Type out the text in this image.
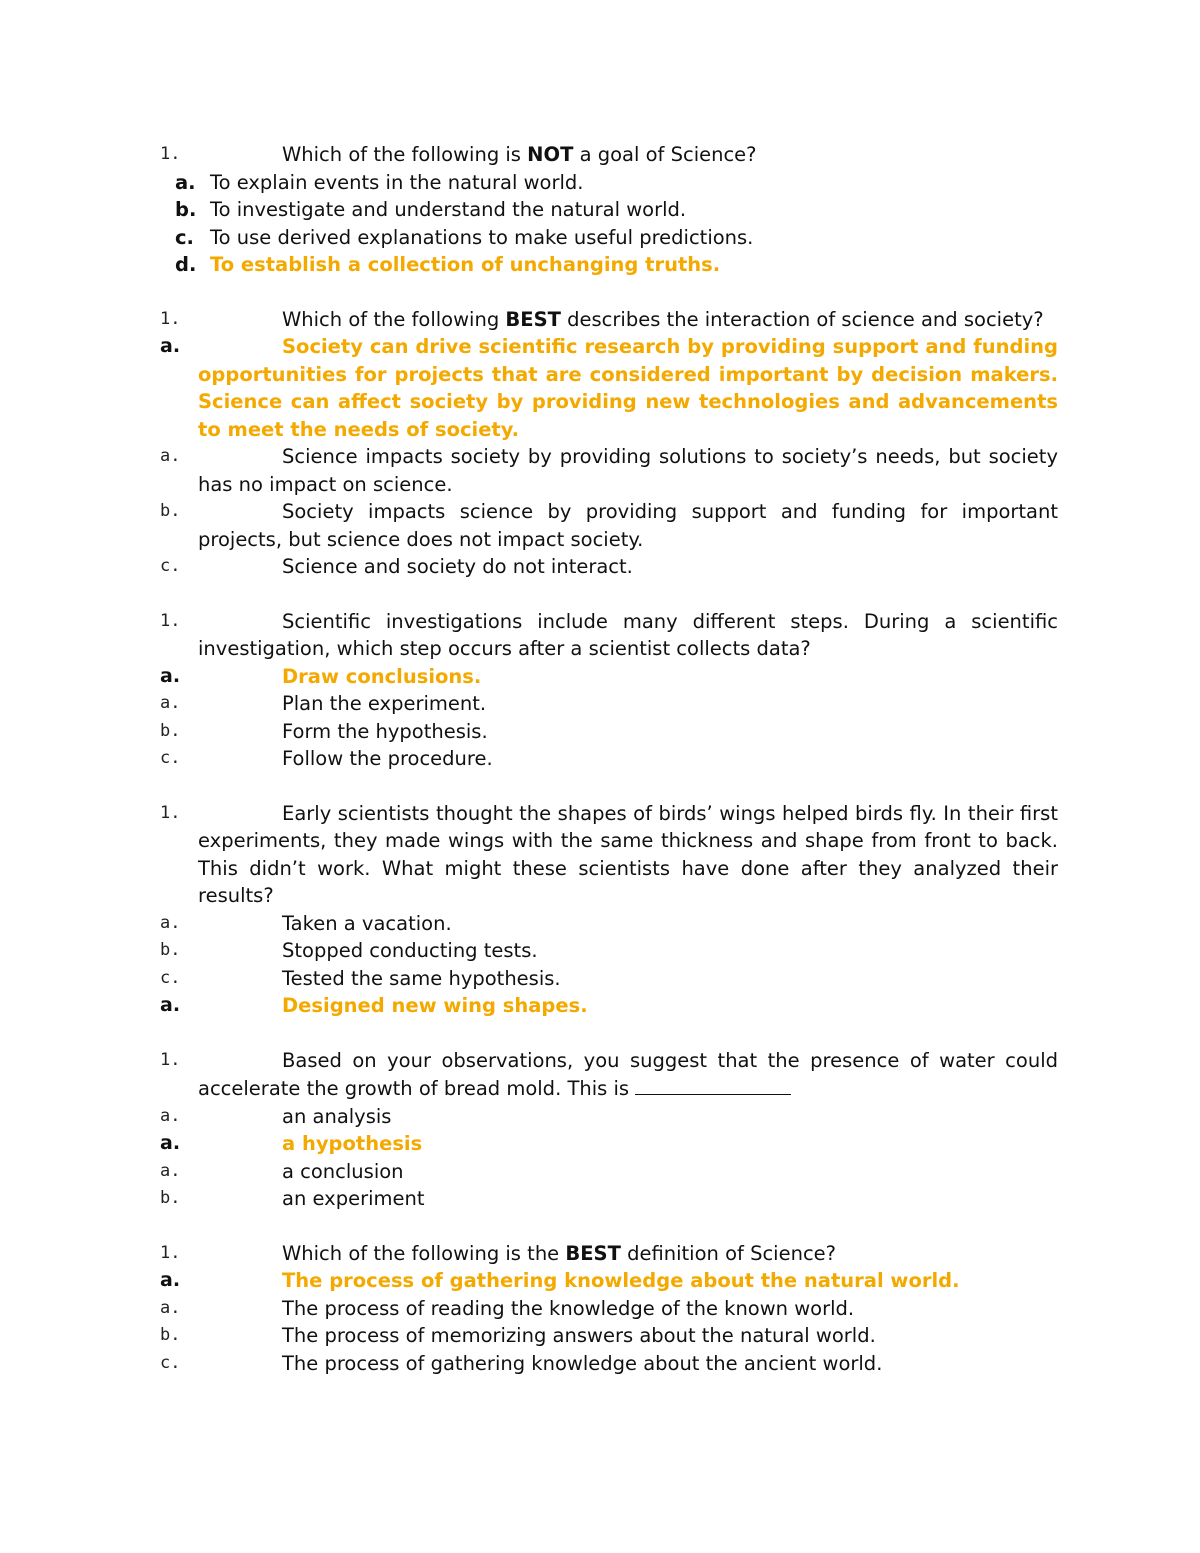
1.	Which of the following is NOT a goal of Science?
a. To explain events in the natural world.
b. To investigate and understand the natural world.
c. To use derived explanations to make useful predictions.
d. To establish a collection of unchanging truths.
1.	Which of the following BEST describes the interaction of science and society?
a.	Society can drive scientific research by providing support and funding opportunities for projects that are considered important by decision makers. Science can affect society by providing new technologies and advancements to meet the needs of society.
a.	Science impacts society by providing solutions to society’s needs, but society has no impact on science.
b.	Society impacts science by providing support and funding for important projects, but science does not impact society.
c.	Science and society do not interact.
1.	Scientific investigations include many different steps. During a scientific investigation, which step occurs after a scientist collects data?
a.	Draw conclusions.
a.	Plan the experiment.
b.	Form the hypothesis.
c.	Follow the procedure.
1.	Early scientists thought the shapes of birds’ wings helped birds fly. In their first experiments, they made wings with the same thickness and shape from front to back. This didn’t work. What might these scientists have done after they analyzed their results?
a.	Taken a vacation.
b.	Stopped conducting tests.
c.	Tested the same hypothesis.
a.	Designed new wing shapes.
1.	Based on your observations, you suggest that the presence of water could accelerate the growth of bread mold. This is
a.	an analysis
a.	a hypothesis
a.	a conclusion
b.	an experiment
1.	Which of the following is the BEST definition of Science?
a.	The process of gathering knowledge about the natural world.
a.	The process of reading the knowledge of the known world.
b.	The process of memorizing answers about the natural world.
c.	The process of gathering knowledge about the ancient world.
